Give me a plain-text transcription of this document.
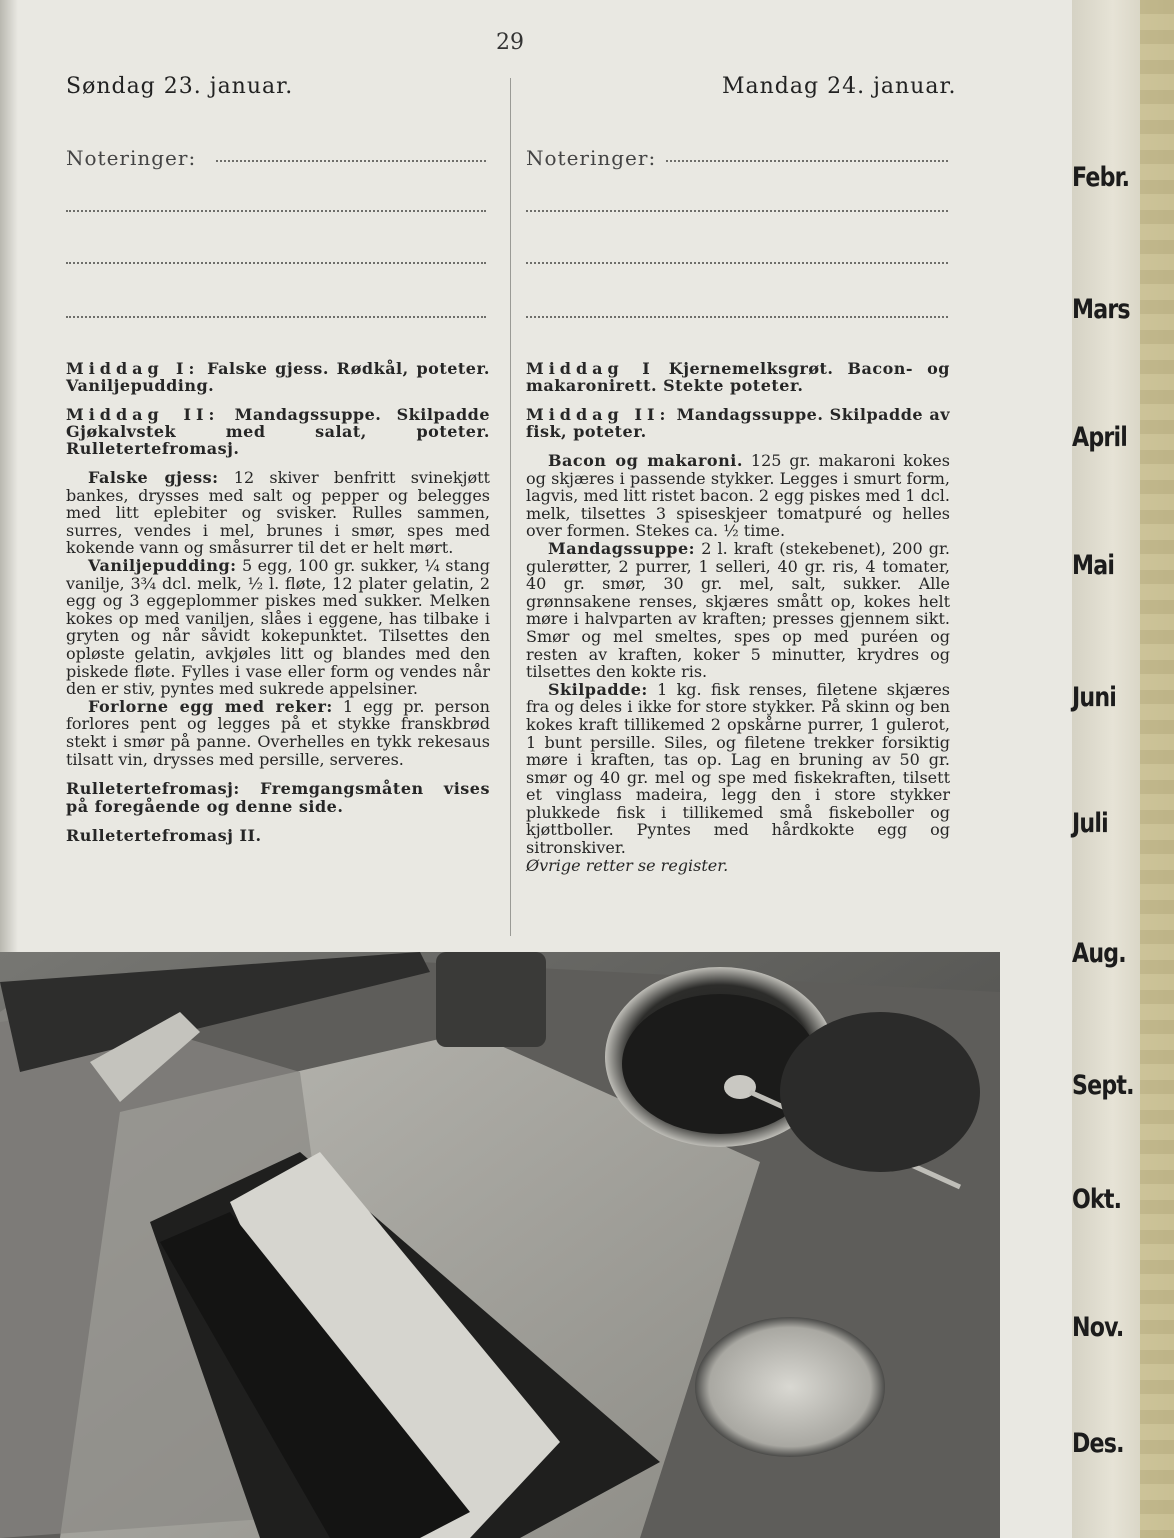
29
Søndag 23. januar.	Mandag 24. januar.
Noteringer:	Noteringer:

Middag I: Falske gjess. Rødkål, poteter. Vaniljepudding.

Middag II: Mandagssuppe. Skilpadde Gjøkalvstek med salat, poteter. Rulletertefromasj.

Falske gjess: 12 skiver benfritt svinekjøtt bankes, drysses med salt og pepper og belegges med litt eplebiter og svisker. Rulles sammen, surres, vendes i mel, brunes i smør, spes med kokende vann og småsurrer til det er helt mørt.

Vaniljepudding: 5 egg, 100 gr. sukker, ¼ stang vanilje, 3¾ dcl. melk, ½ l. fløte, 12 plater gelatin, 2 egg og 3 eggeplommer piskes med sukker. Melken kokes op med vaniljen, slåes i eggene, has tilbake i gryten og når såvidt kokepunktet. Tilsettes den opløste gelatin, avkjøles litt og blandes med den piskede fløte. Fylles i vase eller form og vendes når den er stiv, pyntes med sukrede appelsiner.

Forlorne egg med reker: 1 egg pr. person forlores pent og legges på et stykke franskbrød stekt i smør på panne. Overhelles en tykk rekesaus tilsatt vin, drysses med persille, serveres.

Rulletertefromasj: Fremgangsmåten vises på foregående og denne side.

Rulletertefromasj II.

Middag I Kjernemelksgrøt. Bacon- og makaronirett. Stekte poteter.

Middag II: Mandagssuppe. Skilpadde av fisk, poteter.

Bacon og makaroni. 125 gr. makaroni kokes og skjæres i passende stykker. Legges i smurt form, lagvis, med litt ristet bacon. 2 egg piskes med 1 dcl. melk, tilsettes 3 spiseskjeer tomatpuré og helles over formen. Stekes ca. ½ time.

Mandagssuppe: 2 l. kraft (stekebenet), 200 gr. gulerøtter, 2 purrer, 1 selleri, 40 gr. ris, 4 tomater, 40 gr. smør, 30 gr. mel, salt, sukker. Alle grønnsakene renses, skjæres smått op, kokes helt møre i halvparten av kraften; presses gjennem sikt. Smør og mel smeltes, spes op med puréen og resten av kraften, koker 5 minutter, krydres og tilsettes den kokte ris.

Skilpadde: 1 kg. fisk renses, filetene skjæres fra og deles i ikke for store stykker. På skinn og ben kokes kraft tillikemed 2 opskårne purrer, 1 gulerot, 1 bunt persille. Siles, og filetene trekker forsiktig møre i kraften, tas op. Lag en bruning av 50 gr. smør og 40 gr. mel og spe med fiskekraften, tilsett et vinglass madeira, legg den i store stykker plukkede fisk i tillikemed små fiskeboller og kjøttboller. Pyntes med hårdkokte egg og sitronskiver.

Øvrige retter se register.

Febr.
Mars
April
Mai
Juni
Juli
Aug.
Sept.
Okt.
Nov.
Des.
